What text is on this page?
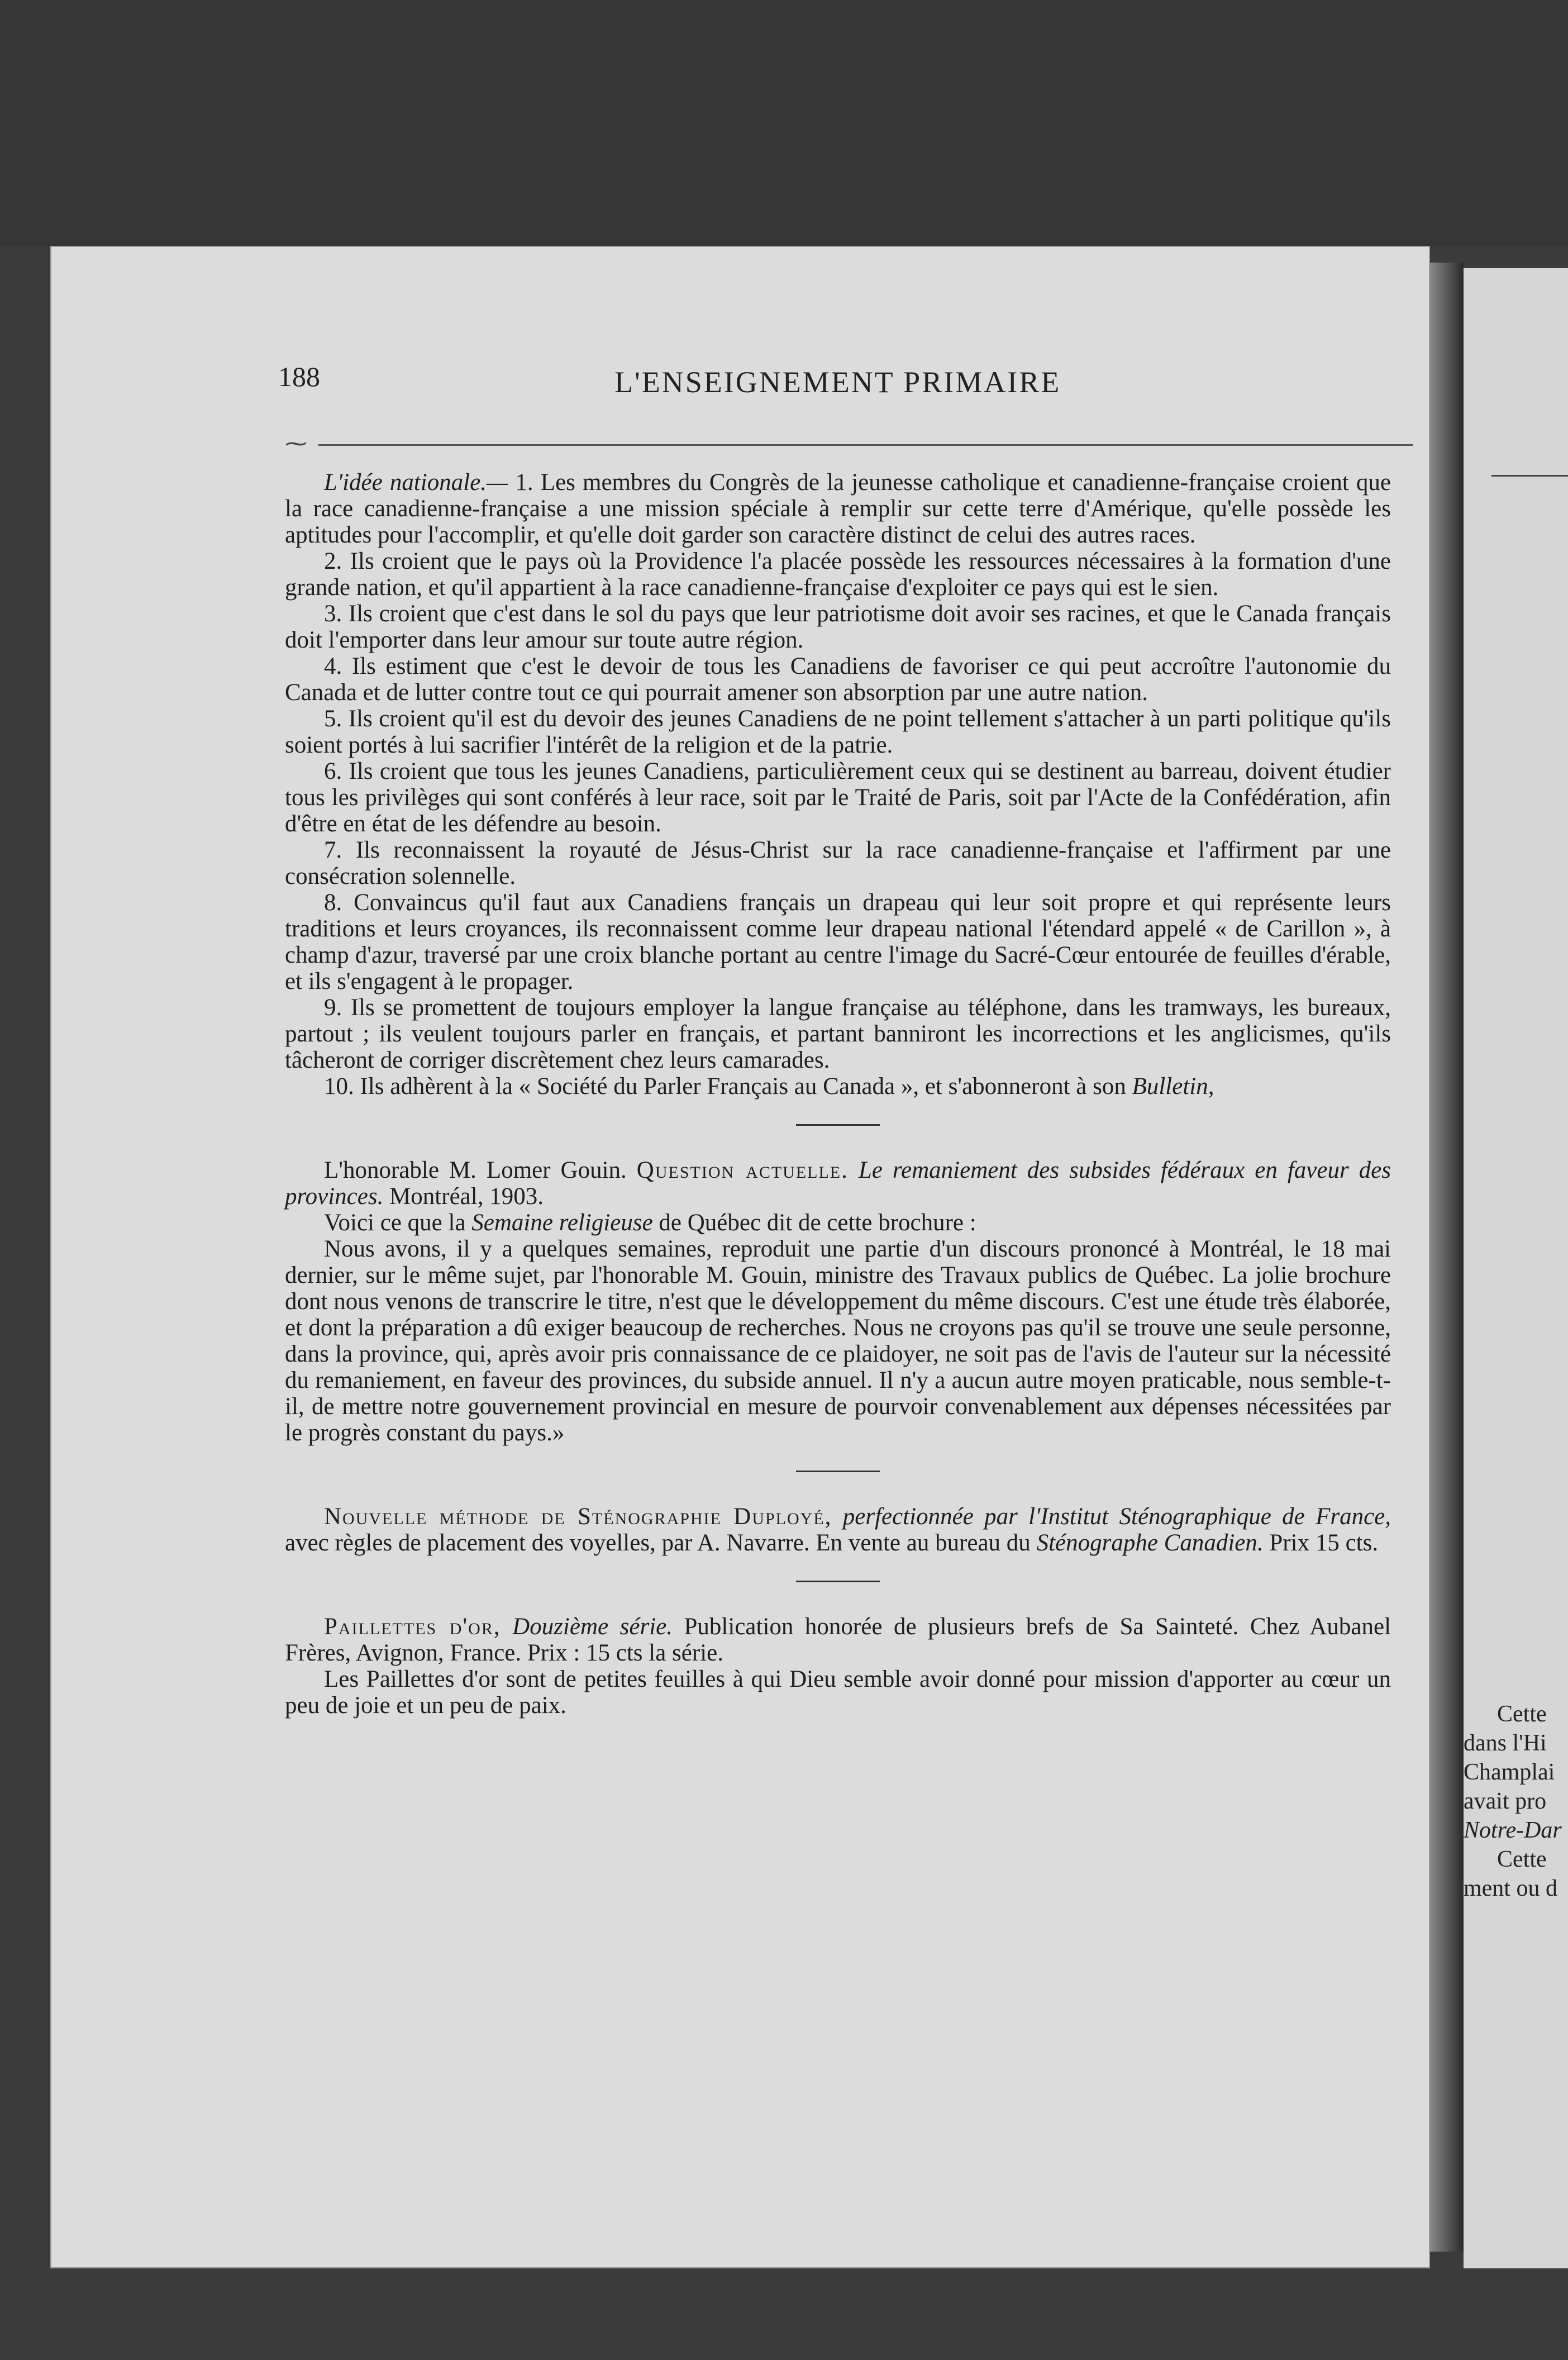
188	L'ENSEIGNEMENT PRIMAIRE
⁓

L'idée nationale.— 1. Les membres du Congrès de la jeunesse catholique et canadienne-française croient que la race canadienne-française a une mission spéciale à remplir sur cette terre d'Amérique, qu'elle possède les aptitudes pour l'accomplir, et qu'elle doit garder son caractère distinct de celui des autres races.

2. Ils croient que le pays où la Providence l'a placée possède les ressources nécessaires à la formation d'une grande nation, et qu'il appartient à la race canadienne-française d'exploiter ce pays qui est le sien.

3. Ils croient que c'est dans le sol du pays que leur patriotisme doit avoir ses racines, et que le Canada français doit l'emporter dans leur amour sur toute autre région.

4. Ils estiment que c'est le devoir de tous les Canadiens de favoriser ce qui peut accroître l'autonomie du Canada et de lutter contre tout ce qui pourrait amener son absorption par une autre nation.

5. Ils croient qu'il est du devoir des jeunes Canadiens de ne point tellement s'attacher à un parti politique qu'ils soient portés à lui sacrifier l'intérêt de la religion et de la patrie.

6. Ils croient que tous les jeunes Canadiens, particulièrement ceux qui se destinent au barreau, doivent étudier tous les privilèges qui sont conférés à leur race, soit par le Traité de Paris, soit par l'Acte de la Confédération, afin d'être en état de les défendre au besoin.

7. Ils reconnaissent la royauté de Jésus-Christ sur la race canadienne-française et l'affirment par une consécration solennelle.

8. Convaincus qu'il faut aux Canadiens français un drapeau qui leur soit propre et qui représente leurs traditions et leurs croyances, ils reconnaissent comme leur drapeau national l'étendard appelé « de Carillon », à champ d'azur, traversé par une croix blanche portant au centre l'image du Sacré-Cœur entourée de feuilles d'érable, et ils s'engagent à le propager.

9. Ils se promettent de toujours employer la langue française au téléphone, dans les tramways, les bureaux, partout ; ils veulent toujours parler en français, et partant banniront les incorrections et les anglicismes, qu'ils tâcheront de corriger discrètement chez leurs camarades.

10. Ils adhèrent à la « Société du Parler Français au Canada », et s'abonneront à son Bulletin,

L'honorable M. Lomer Gouin. Question actuelle. Le remaniement des subsides fédéraux en faveur des provinces. Montréal, 1903.

Voici ce que la Semaine religieuse de Québec dit de cette brochure :

Nous avons, il y a quelques semaines, reproduit une partie d'un discours prononcé à Montréal, le 18 mai dernier, sur le même sujet, par l'honorable M. Gouin, ministre des Travaux publics de Québec. La jolie brochure dont nous venons de transcrire le titre, n'est que le développement du même discours. C'est une étude très élaborée, et dont la préparation a dû exiger beaucoup de recherches. Nous ne croyons pas qu'il se trouve une seule personne, dans la province, qui, après avoir pris connaissance de ce plaidoyer, ne soit pas de l'avis de l'auteur sur la nécessité du remaniement, en faveur des provinces, du subside annuel. Il n'y a aucun autre moyen praticable, nous semble-t-il, de mettre notre gouvernement provincial en mesure de pourvoir convenablement aux dépenses nécessitées par le progrès constant du pays.»

Nouvelle méthode de Sténographie Duployé, perfectionnée par l'Institut Sténographique de France, avec règles de placement des voyelles, par A. Navarre. En vente au bureau du Sténographe Canadien. Prix 15 cts.

Paillettes d'or, Douzième série. Publication honorée de plusieurs brefs de Sa Sainteté. Chez Aubanel Frères, Avignon, France. Prix : 15 cts la série.

Les Paillettes d'or sont de petites feuilles à qui Dieu semble avoir donné pour mission d'apporter au cœur un peu de joie et un peu de paix.	Cette
dans l'Hi
Champlai
avait pro
Notre-Dar
Cette
ment ou d
